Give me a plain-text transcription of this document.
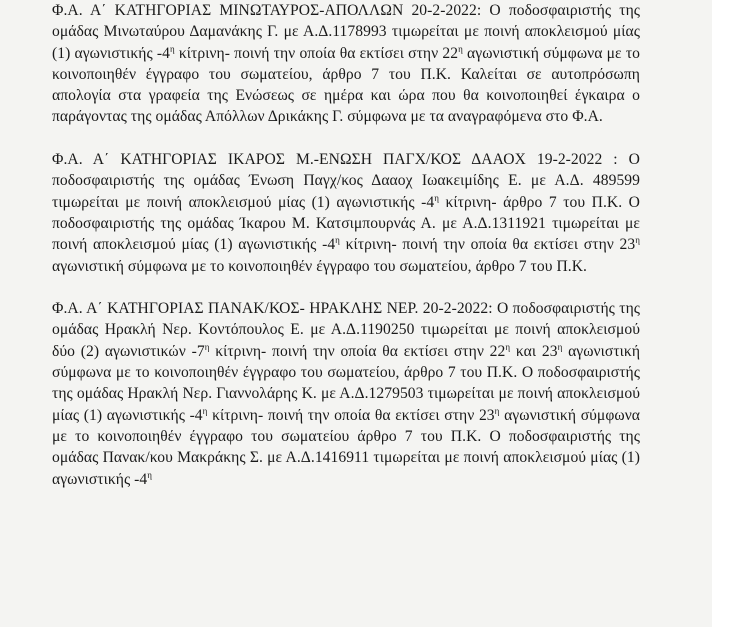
Φ.Α. Α΄ ΚΑΤΗΓΟΡΙΑΣ ΜΙΝΩΤΑΥΡΟΣ-ΑΠΟΛΛΩΝ 20-2-2022: Ο ποδοσφαιριστής της ομάδας Μινωταύρου Δαμανάκης Γ. με Α.Δ.1178993 τιμωρείται με ποινή αποκλεισμού μίας (1) αγωνιστικής $-4^\eta$ κίτρινη- ποινή την οποία θα εκτίσει στην $22^\eta$ αγωνιστική σύμφωνα με το κοινοποιηθέν έγγραφο του σωματείου, άρθρο 7 του Π.Κ. Καλείται σε αυτοπρόσωπη απολογία στα γραφεία της Ενώσεως σε ημέρα και ώρα που θα κοινοποιηθεί έγκαιρα ο παράγοντας της ομάδας Απόλλων Δρικάκης Γ. σύμφωνα με τα αναγραφόμενα στο Φ.Α.

Φ.Α. Α΄ ΚΑΤΗΓΟΡΙΑΣ ΙΚΑΡΟΣ Μ.-ΕΝΩΣΗ ΠΑΓΧ/ΚΟΣ ΔΑΑΟΧ 19-2-2022 : Ο ποδοσφαιριστής της ομάδας Ένωση Παγχ/κος Δααοχ Ιωακειμίδης Ε. με Α.Δ. 489599 τιμωρείται με ποινή αποκλεισμού μίας (1) αγωνιστικής $-4^\eta$ κίτρινη- άρθρο 7 του Π.Κ. Ο ποδοσφαιριστής της ομάδας Ίκαρου Μ. Κατσιμπουρνάς Α. με Α.Δ.1311921 τιμωρείται με ποινή αποκλεισμού μίας (1) αγωνιστικής $-4^\eta$ κίτρινη- ποινή την οποία θα εκτίσει στην $23^\eta$ αγωνιστική σύμφωνα με το κοινοποιηθέν έγγραφο του σωματείου, άρθρο 7 του Π.Κ.

Φ.Α. Α΄ ΚΑΤΗΓΟΡΙΑΣ ΠΑΝΑΚ/ΚΟΣ- ΗΡΑΚΛΗΣ ΝΕΡ. 20-2-2022: Ο ποδοσφαιριστής της ομάδας Ηρακλή Νερ. Κοντόπουλος Ε. με Α.Δ.1190250 τιμωρείται με ποινή αποκλεισμού δύο (2) αγωνιστικών $-7^\eta$ κίτρινη- ποινή την οποία θα εκτίσει στην $22^\eta$ και $23^\eta$ αγωνιστική σύμφωνα με το κοινοποιηθέν έγγραφο του σωματείου, άρθρο 7 του Π.Κ. Ο ποδοσφαιριστής της ομάδας Ηρακλή Νερ. Γιαννολάρης Κ. με Α.Δ.1279503 τιμωρείται με ποινή αποκλεισμού μίας (1) αγωνιστικής $-4^\eta$ κίτρινη- ποινή την οποία θα εκτίσει στην $23^\eta$ αγωνιστική σύμφωνα με το κοινοποιηθέν έγγραφο του σωματείου άρθρο 7 του Π.Κ. Ο ποδοσφαιριστής της ομάδας Πανακ/κου Μακράκης Σ. με Α.Δ.1416911 τιμωρείται με ποινή αποκλεισμού μίας (1) αγωνιστικής $-4^\eta$
